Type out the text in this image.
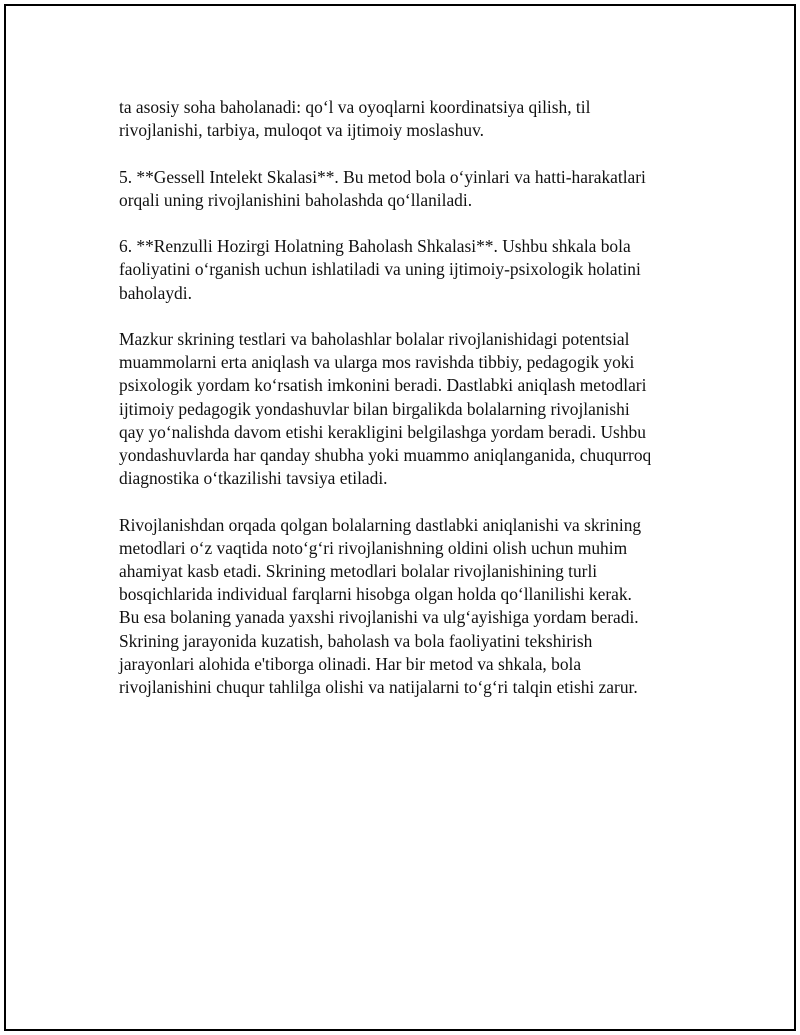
ta asosiy soha baholanadi: qo‘l va oyoqlarni koordinatsiya qilish, til
rivojlanishi, tarbiya, muloqot va ijtimoiy moslashuv.

5. **Gessell Intelekt Skalasi**. Bu metod bola o‘yinlari va hatti-harakatlari
orqali uning rivojlanishini baholashda qo‘llaniladi.

6. **Renzulli Hozirgi Holatning Baholash Shkalasi**. Ushbu shkala bola
faoliyatini o‘rganish uchun ishlatiladi va uning ijtimoiy-psixologik holatini
baholaydi.

Mazkur skrining testlari va baholashlar bolalar rivojlanishidagi potentsial
muammolarni erta aniqlash va ularga mos ravishda tibbiy, pedagogik yoki
psixologik yordam ko‘rsatish imkonini beradi. Dastlabki aniqlash metodlari
ijtimoiy pedagogik yondashuvlar bilan birgalikda bolalarning rivojlanishi
qay yo‘nalishda davom etishi kerakligini belgilashga yordam beradi. Ushbu
yondashuvlarda har qanday shubha yoki muammo aniqlanganida, chuqurroq
diagnostika o‘tkazilishi tavsiya etiladi.

Rivojlanishdan orqada qolgan bolalarning dastlabki aniqlanishi va skrining
metodlari o‘z vaqtida noto‘g‘ri rivojlanishning oldini olish uchun muhim
ahamiyat kasb etadi. Skrining metodlari bolalar rivojlanishining turli
bosqichlarida individual farqlarni hisobga olgan holda qo‘llanilishi kerak.
Bu esa bolaning yanada yaxshi rivojlanishi va ulg‘ayishiga yordam beradi.
Skrining jarayonida kuzatish, baholash va bola faoliyatini tekshirish
jarayonlari alohida e'tiborga olinadi. Har bir metod va shkala, bola
rivojlanishini chuqur tahlilga olishi va natijalarni to‘g‘ri talqin etishi zarur.
